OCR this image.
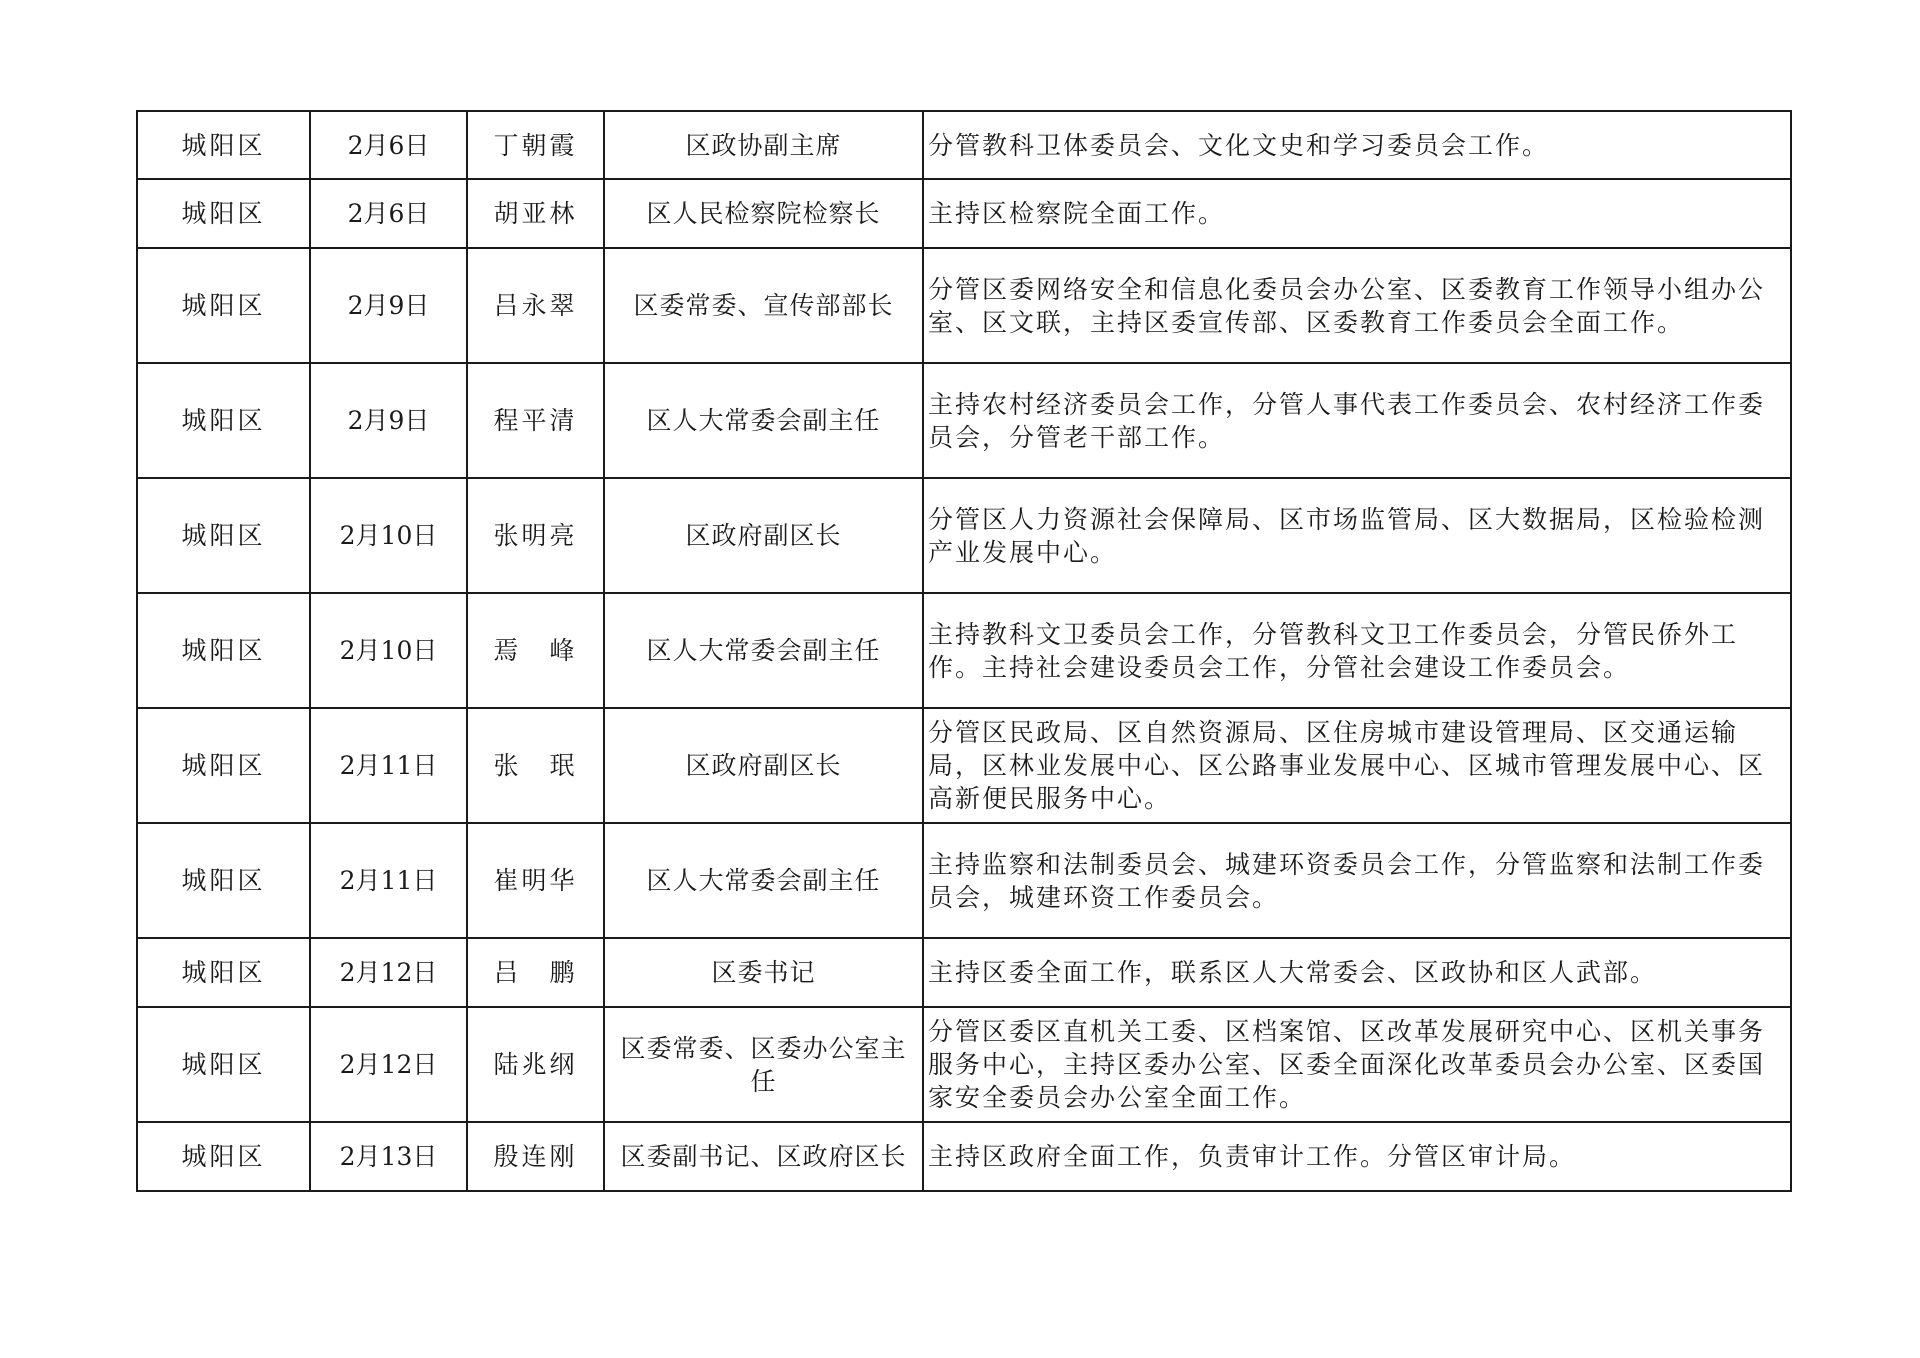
城阳区	2月6日	丁朝霞	区政协副主席	分管教科卫体委员会、文化文史和学习委员会工作。
城阳区	2月6日	胡亚林	区人民检察院检察长	主持区检察院全面工作。
城阳区	2月9日	吕永翠	区委常委、宣传部部长	分管区委网络安全和信息化委员会办公室、区委教育工作领导小组办公室、区文联，主持区委宣传部、区委教育工作委员会全面工作。
城阳区	2月9日	程平清	区人大常委会副主任	主持农村经济委员会工作，分管人事代表工作委员会、农村经济工作委员会，分管老干部工作。
城阳区	2月10日	张明亮	区政府副区长	分管区人力资源社会保障局、区市场监管局、区大数据局，区检验检测产业发展中心。
城阳区	2月10日	焉　峰	区人大常委会副主任	主持教科文卫委员会工作，分管教科文卫工作委员会，分管民侨外工作。主持社会建设委员会工作，分管社会建设工作委员会。
城阳区	2月11日	张　珉	区政府副区长	分管区民政局、区自然资源局、区住房城市建设管理局、区交通运输局，区林业发展中心、区公路事业发展中心、区城市管理发展中心、区高新便民服务中心。
城阳区	2月11日	崔明华	区人大常委会副主任	主持监察和法制委员会、城建环资委员会工作，分管监察和法制工作委员会，城建环资工作委员会。
城阳区	2月12日	吕　鹏	区委书记	主持区委全面工作，联系区人大常委会、区政协和区人武部。
城阳区	2月12日	陆兆纲	区委常委、区委办公室主任	分管区委区直机关工委、区档案馆、区改革发展研究中心、区机关事务服务中心，主持区委办公室、区委全面深化改革委员会办公室、区委国家安全委员会办公室全面工作。
城阳区	2月13日	殷连刚	区委副书记、区政府区长	主持区政府全面工作，负责审计工作。分管区审计局。
